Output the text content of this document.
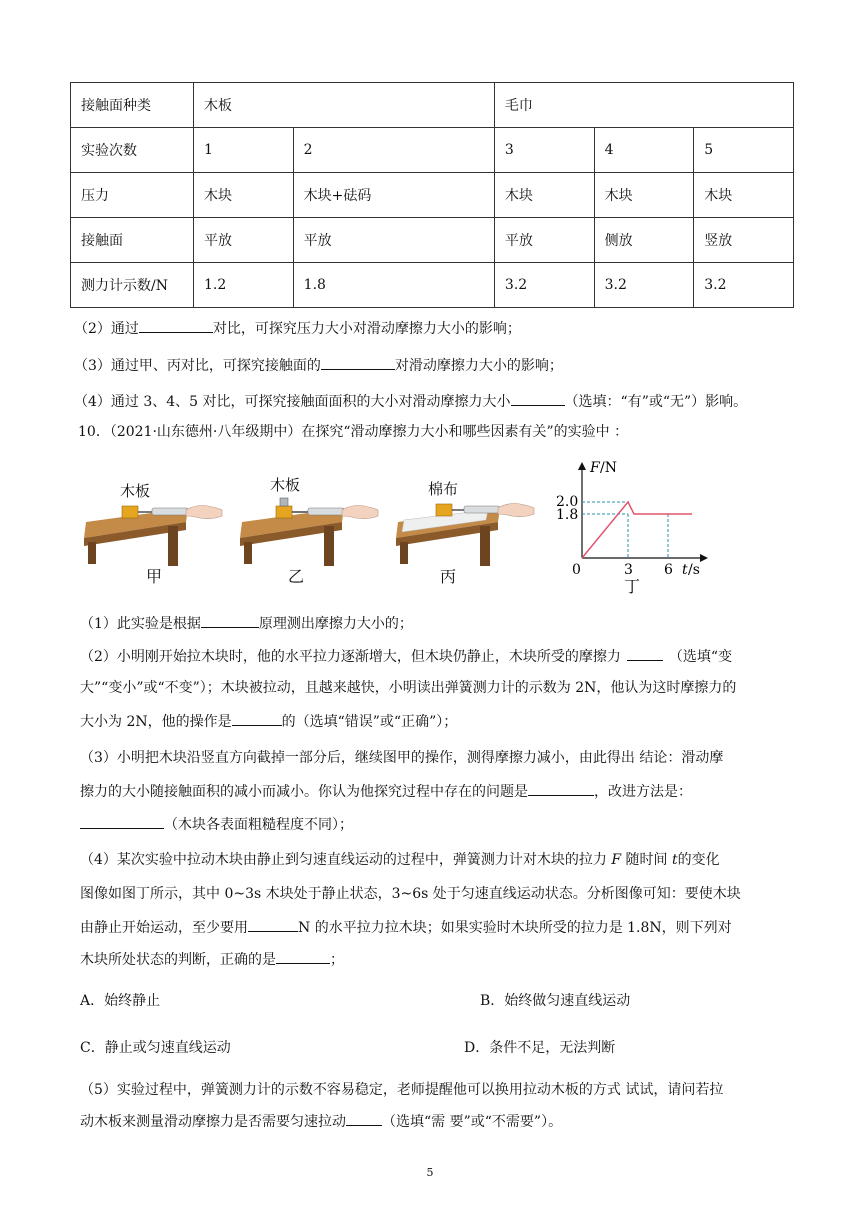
接触面种类	木板		毛巾		
实验次数	1	2	3	4	5
压力	木块	木块+砝码	木块	木块	木块
接触面	平放	平放	平放	侧放	竖放
测力计示数/N	1.2	1.8	3.2	3.2	3.2
（2）通过	对比，可探究压力大小对滑动摩擦力大小的影响；
（3）通过甲、丙对比，可探究接触面的	对滑动摩擦力大小的影响；
（4）通过 3、4、5 对比，可探究接触面面积的大小对滑动摩擦力大小	（选填：“有”或“无”）影响。
10．（2021·山东德州·八年级期中）在探究“滑动摩擦力大小和哪些因素有关”的实验中 ：
木板
甲
木板
乙
棉布
丙
F /N
t /s
0
2.0
1.8
3 6
丁
（1）此实验是根据	原理测出摩擦力大小的；
（2）小明刚开始拉木块时，他的水平拉力逐渐增大，但木块仍静止，木块所受的摩擦力	（选填“变
大”“变小”或“不变”）；木块被拉动，且越来越快，小明读出弹簧测力计的示数为 2N，他认为这时摩擦力的
大小为 2N，他的操作是	的（选填“错误”或“正确”）；
（3）小明把木块沿竖直方向截掉一部分后，继续图甲的操作，测得摩擦力减小，由此得出 结论：滑动摩
擦力的大小随接触面积的减小而减小。你认为他探究过程中存在的问题是	，改进方法是：
（木块各表面粗糙程度不同）；
（4）某次实验中拉动木块由静止到匀速直线运动的过程中，弹簧测力计对木块的拉力 F 随时间 t的变化
图像如图丁所示，其中 0~3s 木块处于静止状态，3~6s 处于匀速直线运动状态。分析图像可知：要使木块
由静止开始运动，至少要用	N 的水平拉力拉木块；如果实验时木块所受的拉力是 1.8N，则下列对
木块所处状态的判断，正确的是	；
A．始终静止	B．始终做匀速直线运动
C．静止或匀速直线运动	D．条件不足，无法判断
（5）实验过程中，弹簧测力计的示数不容易稳定，老师提醒他可以换用拉动木板的方式 试试，请问若拉
动木板来测量滑动摩擦力是否需要匀速拉动	（选填“需 要”或“不需要”）。
5
